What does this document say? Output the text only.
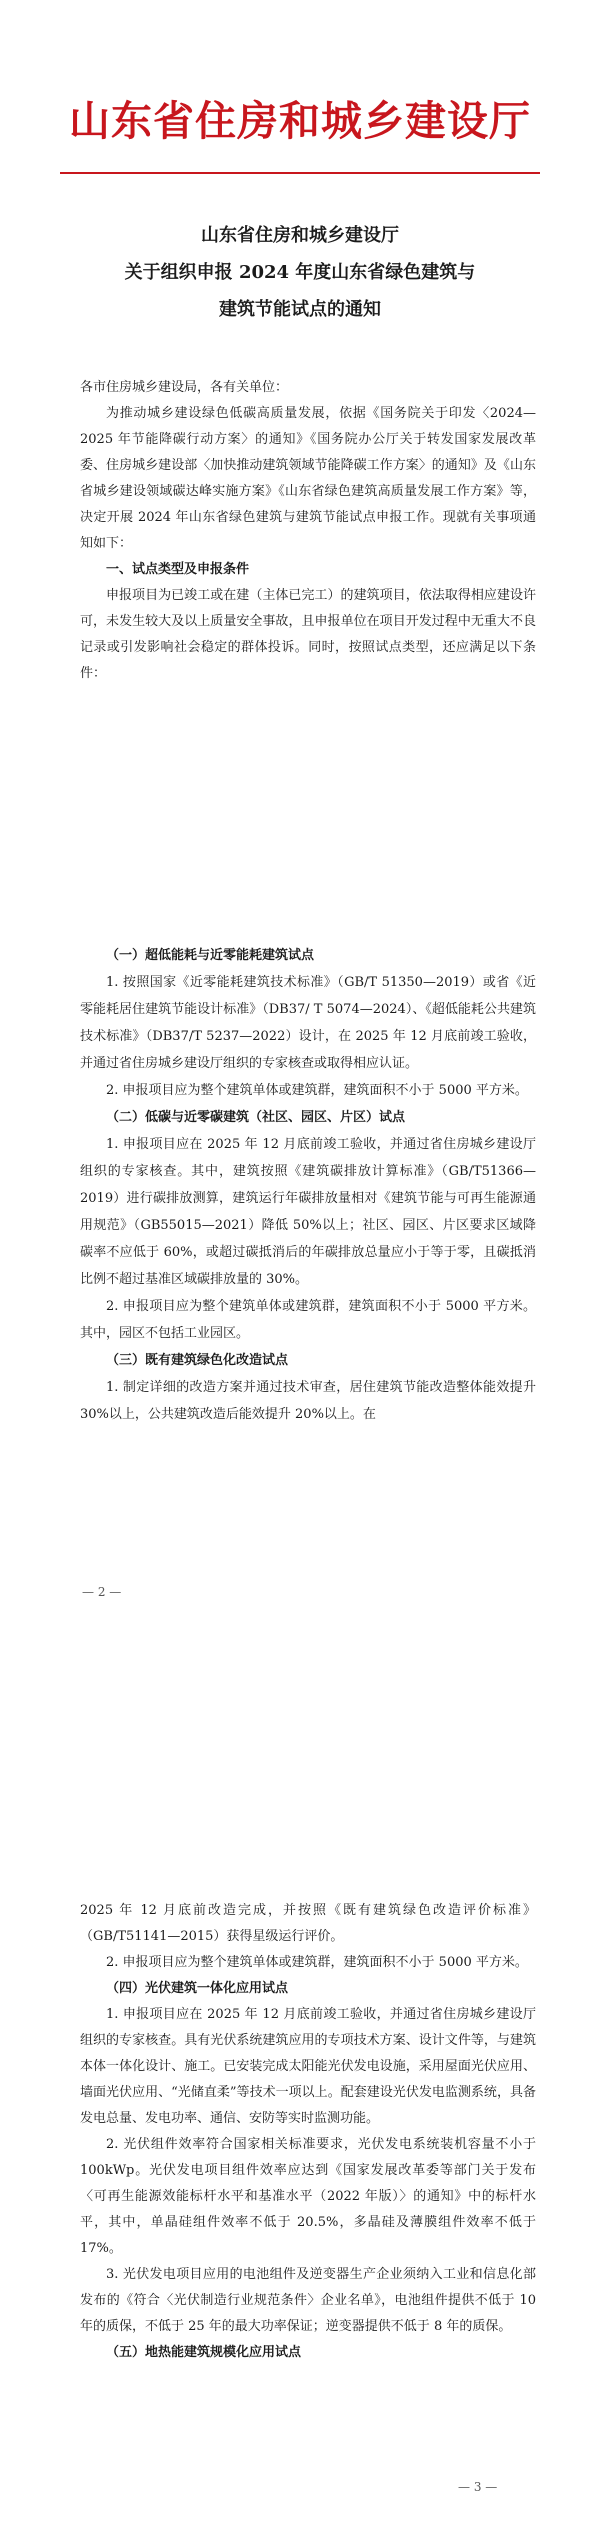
山东省住房和城乡建设厅
山东省住房和城乡建设厅
关于组织申报 2024 年度山东省绿色建筑与
建筑节能试点的通知

各市住房城乡建设局，各有关单位：

为推动城乡建设绿色低碳高质量发展，依据《国务院关于印发〈2024—2025 年节能降碳行动方案〉的通知》《国务院办公厅关于转发国家发展改革委、住房城乡建设部〈加快推动建筑领域节能降碳工作方案〉的通知》及《山东省城乡建设领域碳达峰实施方案》《山东省绿色建筑高质量发展工作方案》等，决定开展 2024 年山东省绿色建筑与建筑节能试点申报工作。现就有关事项通知如下：

一、试点类型及申报条件

申报项目为已竣工或在建（主体已完工）的建筑项目，依法取得相应建设许可，未发生较大及以上质量安全事故，且申报单位在项目开发过程中无重大不良记录或引发影响社会稳定的群体投诉。同时，按照试点类型，还应满足以下条件：

（一）超低能耗与近零能耗建筑试点

1. 按照国家《近零能耗建筑技术标准》（GB/T 51350—2019）或省《近零能耗居住建筑节能设计标准》（DB37/ T 5074—2024）、《超低能耗公共建筑技术标准》（DB37/T 5237—2022）设计，在 2025 年 12 月底前竣工验收，并通过省住房城乡建设厅组织的专家核查或取得相应认证。

2. 申报项目应为整个建筑单体或建筑群，建筑面积不小于 5000 平方米。

（二）低碳与近零碳建筑（社区、园区、片区）试点

1. 申报项目应在 2025 年 12 月底前竣工验收，并通过省住房城乡建设厅组织的专家核查。其中，建筑按照《建筑碳排放计算标准》（GB/T51366—2019）进行碳排放测算，建筑运行年碳排放量相对《建筑节能与可再生能源通用规范》（GB55015—2021）降低 50%以上；社区、园区、片区要求区域降碳率不应低于 60%，或超过碳抵消后的年碳排放总量应小于等于零，且碳抵消比例不超过基准区域碳排放量的 30%。

2. 申报项目应为整个建筑单体或建筑群，建筑面积不小于 5000 平方米。其中，园区不包括工业园区。

（三）既有建筑绿色化改造试点

1. 制定详细的改造方案并通过技术审查，居住建筑节能改造整体能效提升 30%以上，公共建筑改造后能效提升 20%以上。在

— 2 —

2025 年 12 月底前改造完成，并按照《既有建筑绿色改造评价标准》（GB/T51141—2015）获得星级运行评价。

2. 申报项目应为整个建筑单体或建筑群，建筑面积不小于 5000 平方米。

（四）光伏建筑一体化应用试点

1. 申报项目应在 2025 年 12 月底前竣工验收，并通过省住房城乡建设厅组织的专家核查。具有光伏系统建筑应用的专项技术方案、设计文件等，与建筑本体一体化设计、施工。已安装完成太阳能光伏发电设施，采用屋面光伏应用、墙面光伏应用、“光储直柔”等技术一项以上。配套建设光伏发电监测系统，具备发电总量、发电功率、通信、安防等实时监测功能。

2. 光伏组件效率符合国家相关标准要求，光伏发电系统装机容量不小于 100kWp。光伏发电项目组件效率应达到《国家发展改革委等部门关于发布〈可再生能源效能标杆水平和基准水平（2022 年版）〉的通知》中的标杆水平，其中，单晶硅组件效率不低于 20.5%，多晶硅及薄膜组件效率不低于 17%。

3. 光伏发电项目应用的电池组件及逆变器生产企业须纳入工业和信息化部发布的《符合〈光伏制造行业规范条件〉企业名单》，电池组件提供不低于 10 年的质保，不低于 25 年的最大功率保证；逆变器提供不低于 8 年的质保。

（五）地热能建筑规模化应用试点
— 3 —
